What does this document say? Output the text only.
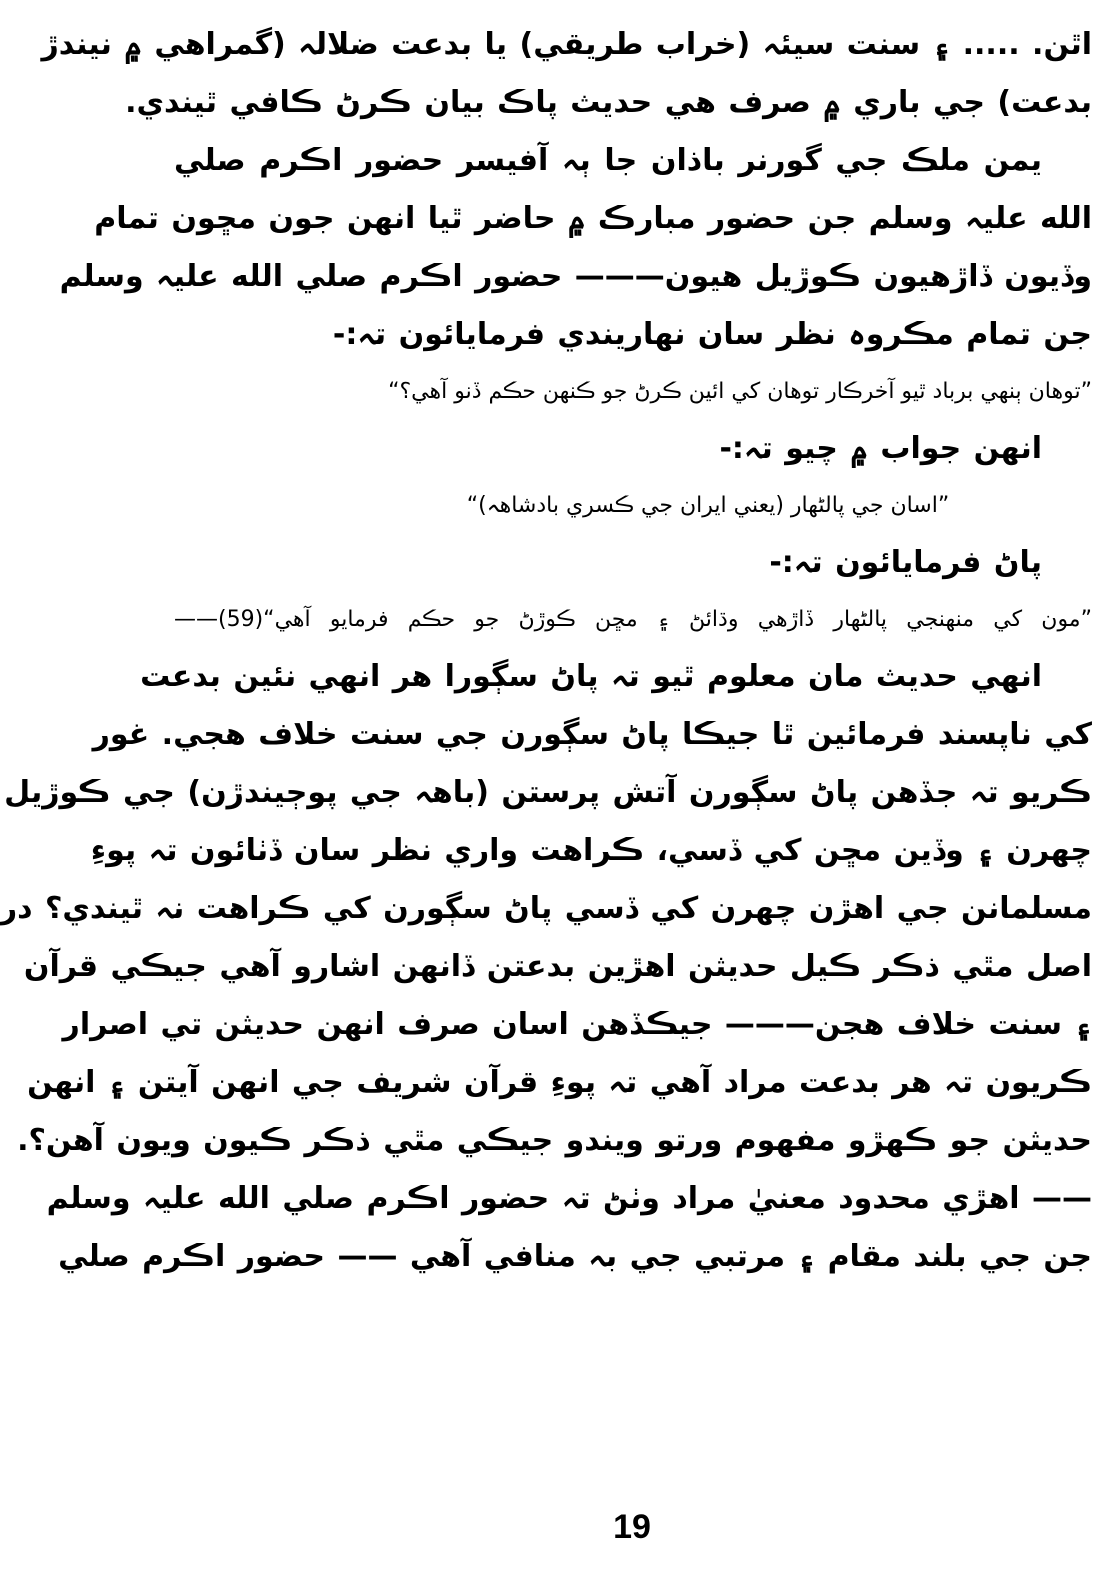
اٿن. ..... ۽ سنت سيئہ (خراب طريقي) يا بدعت ضلالہ (گمراهي ۾ نيندڙ
بدعت) جي باري ۾ صرف هي حديث پاڪ بيان ڪرڻ ڪافي ٿيندي.
يمن ملڪ جي گورنر باذان جا ٻہ آفيسر حضور اڪرم صلي
الله عليہ وسلم جن حضور مبارڪ ۾ حاضر ٿيا انهن جون مڇون تمام
وڏيون ڏاڙهيون ڪوڙيل هيون——— حضور اڪرم صلي الله عليہ وسلم
جن تمام مڪروہ نظر سان نهاريندي فرمايائون تہ:-
”توهان ٻنهي برباد ٿيو آخرڪار توهان کي ائين ڪرڻ جو ڪنهن حڪم ڏنو آهي؟“
انهن جواب ۾ چيو تہ:-
”اسان جي پالڻهار (يعني ايران جي ڪسري بادشاهہ)“
پاڻ فرمايائون تہ:-
”مون کي منهنجي پالڻهار ڏاڙهي وڌائڻ ۽ مڇن ڪوڙڻ جو حڪم فرمايو آهي“(59)——
انهي حديث مان معلوم ٿيو تہ پاڻ سڳورا هر انهي نئين بدعت
کي ناپسند فرمائين ٿا جيڪا پاڻ سڳورن جي سنت خلاف هجي. غور
ڪريو تہ جڏهن پاڻ سڳورن آتش پرستن (باهہ جي پوڄيندڙن) جي ڪوڙيل
چهرن ۽ وڏين مڇن کي ڏسي، ڪراهت واري نظر سان ڏٺائون تہ پوءِ
مسلمانن جي اهڙن چهرن کي ڏسي پاڻ سڳورن کي ڪراهت نہ ٿيندي؟ در
اصل مٿي ذڪر ڪيل حديثن اهڙين بدعتن ڏانهن اشارو آهي جيڪي قرآن
۽ سنت خلاف هجن——— جيڪڏهن اسان صرف انهن حديثن تي اصرار
ڪريون تہ هر بدعت مراد آهي تہ پوءِ قرآن شريف جي انهن آيتن ۽ انهن
حديثن جو ڪهڙو مفهوم ورتو ويندو جيڪي مٿي ذڪر ڪيون ويون آهن؟.
—— اهڙي محدود معنيٰ مراد وٺڻ تہ حضور اڪرم صلي الله عليہ وسلم
جن جي بلند مقام ۽ مرتبي جي بہ منافي آهي —— حضور اڪرم صلي
19
